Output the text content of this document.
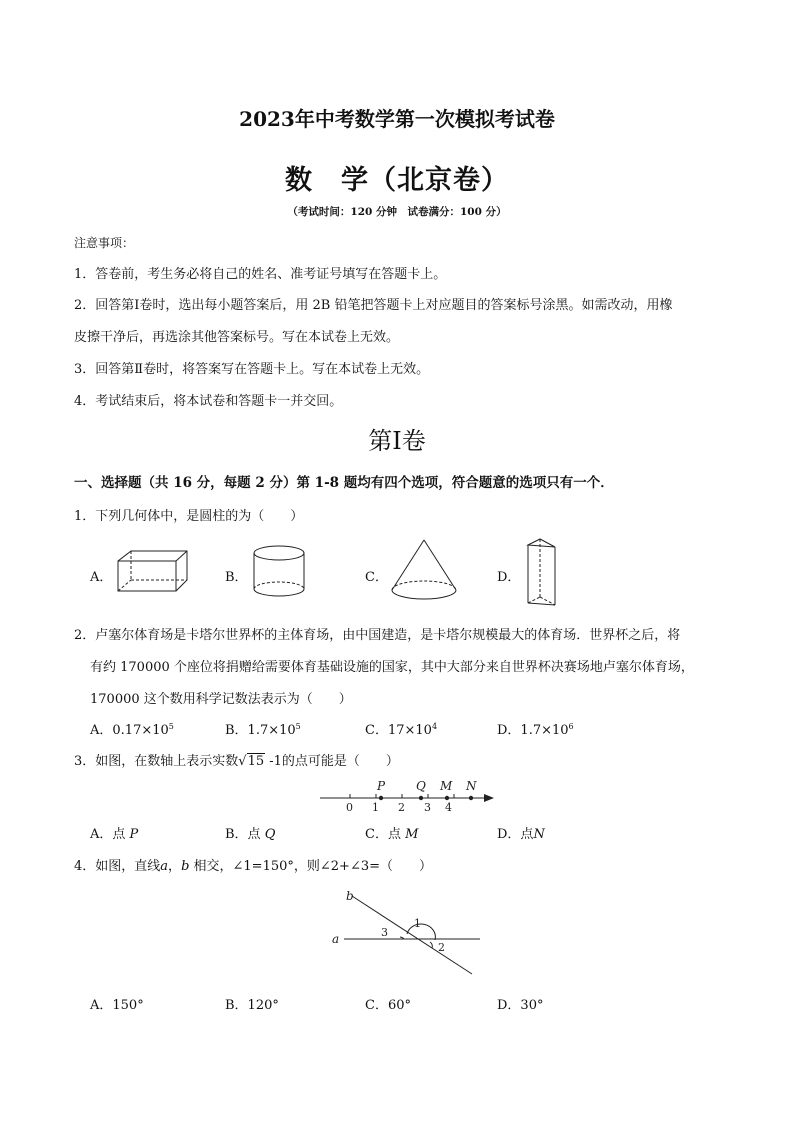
2023年中考数学第一次模拟考试卷
数　学（北京卷）
（考试时间：120 分钟　试卷满分：100 分）
注意事项：
1．答卷前，考生务必将自己的姓名、准考证号填写在答题卡上。
2．回答第Ⅰ卷时，选出每小题答案后，用 2B 铅笔把答题卡上对应题目的答案标号涂黑。如需改动，用橡
皮擦干净后，再选涂其他答案标号。写在本试卷上无效。
3．回答第Ⅱ卷时，将答案写在答题卡上。写在本试卷上无效。
4．考试结束后，将本试卷和答题卡一并交回。
第Ⅰ卷
一、选择题（共 16 分，每题 2 分）第 1-8 题均有四个选项，符合题意的选项只有一个．
1．下列几何体中，是圆柱的为（　　）
A．	B．	C．	D．
2．卢塞尔体育场是卡塔尔世界杯的主体育场，由中国建造，是卡塔尔规模最大的体育场．世界杯之后，将
有约 170000 个座位将捐赠给需要体育基础设施的国家，其中大部分来自世界杯决赛场地卢塞尔体育场，
170000 这个数用科学记数法表示为（　　）
A．$0.17\times 10^5$	B．$1.7\times 10^5$	C．$17\times 10^4$	D．$1.7\times 10^6$
3．如图，在数轴上表示实数√15 -1的点可能是（　　）
0 1 2 3 4
P	Q M N
A．点 P	B．点 Q	C．点 M	D．点N
4．如图，直线a，b 相交，∠1=150°，则∠2+∠3=（　　）
b
a
1
2
3
A．150°	B．120°	C．60°	D．30°
